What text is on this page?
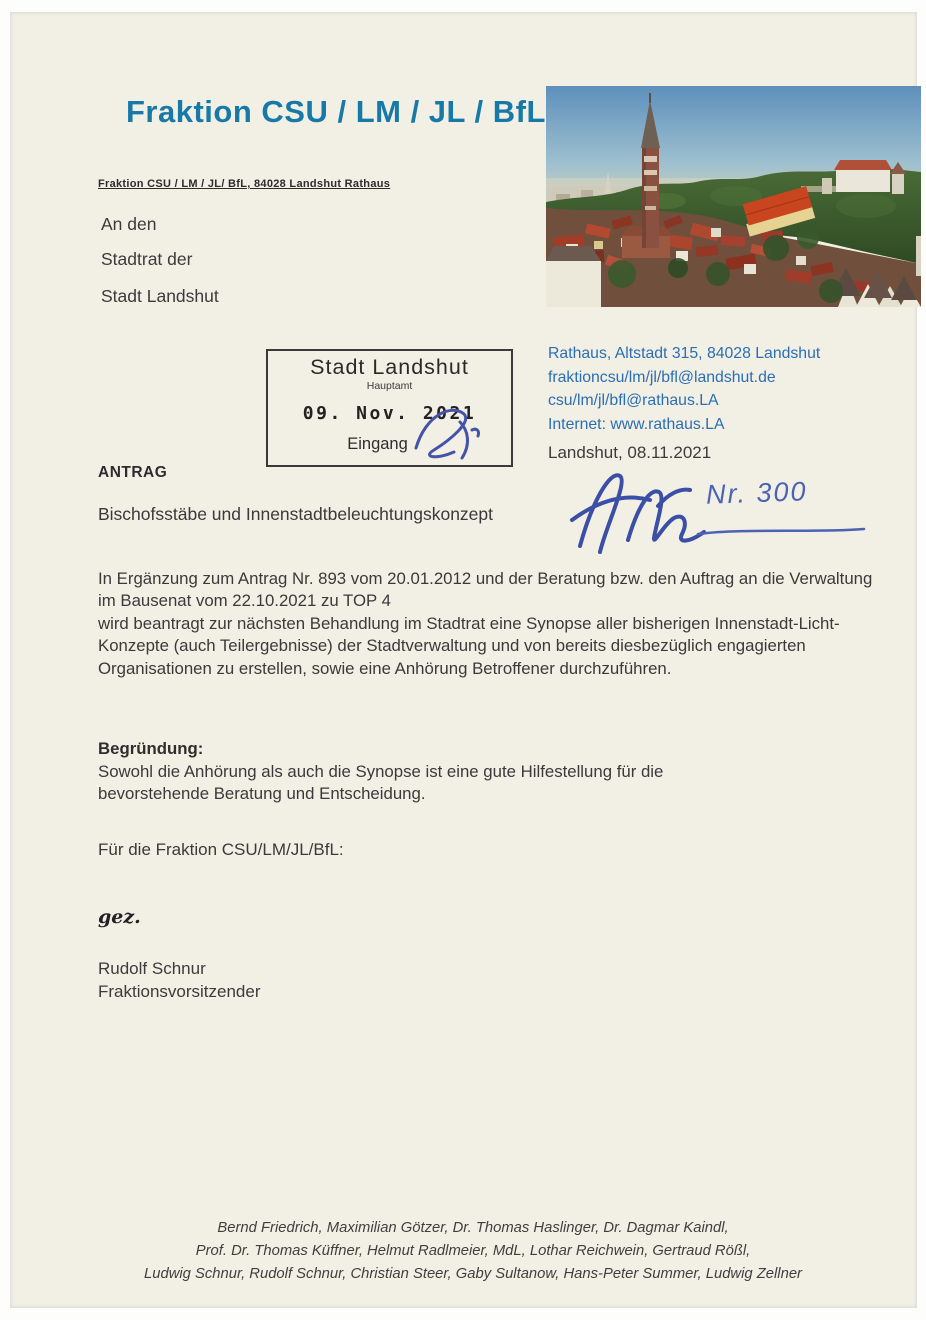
Fraktion CSU / LM / JL / BfL
Fraktion CSU / LM / JL/ BfL, 84028 Landshut Rathaus
An den
Stadtrat der
Stadt Landshut
Stadt Landshut
Hauptamt
09. Nov. 2021
Eingang
Rathaus, Altstadt 315, 84028 Landshut
fraktioncsu/lm/jl/bfl@landshut.de
csu/lm/jl/bfl@rathaus.LA
Internet: www.rathaus.LA
Landshut, 08.11.2021
ANTRAG
Bischofsstäbe und Innenstadtbeleuchtungskonzept
Nr. 300

In Ergänzung zum Antrag Nr. 893 vom 20.01.2012 und der Beratung bzw. den Auftrag an die Verwaltung im Bausenat vom 22.10.2021 zu TOP 4

wird beantragt zur nächsten Behandlung im Stadtrat eine Synopse aller bisherigen Innenstadt-Licht-Konzepte (auch Teilergebnisse) der Stadtverwaltung und von bereits diesbezüglich engagierten Organisationen zu erstellen, sowie eine Anhörung Betroffener durchzuführen.

Begründung:
Sowohl die Anhörung als auch die Synopse ist eine gute Hilfestellung für die bevorstehende Beratung und Entscheidung.
Für die Fraktion CSU/LM/JL/BfL:
gez.
Rudolf Schnur
Fraktionsvorsitzender
Bernd Friedrich, Maximilian Götzer, Dr. Thomas Haslinger, Dr. Dagmar Kaindl,
Prof. Dr. Thomas Küffner, Helmut Radlmeier, MdL, Lothar Reichwein, Gertraud Rößl,
Ludwig Schnur, Rudolf Schnur, Christian Steer, Gaby Sultanow, Hans-Peter Summer, Ludwig Zellner
